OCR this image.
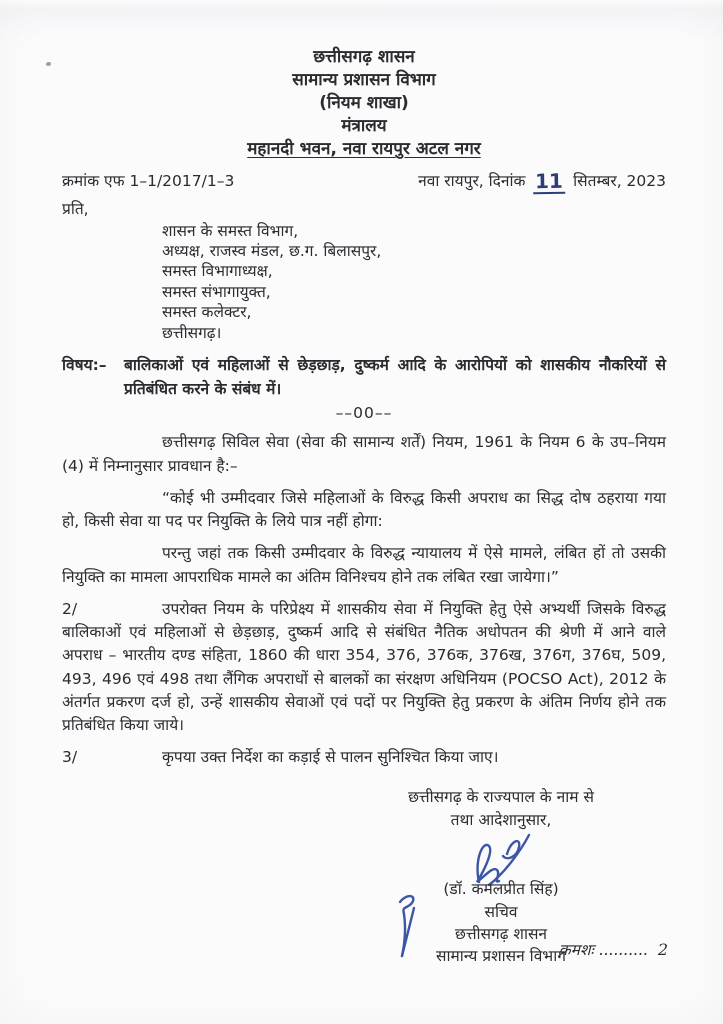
छत्तीसगढ़ शासन
सामान्य प्रशासन विभाग
(नियम शाखा)
मंत्रालय
महानदी भवन, नवा रायपुर अटल नगर
क्रमांक एफ 1–1/2017/1–3	नवा रायपुर, दिनांक 11 सितम्बर, 2023
प्रति,
शासन के समस्त विभाग,
अध्यक्ष, राजस्व मंडल, छ.ग. बिलासपुर,
समस्त विभागाध्यक्ष,
समस्त संभागायुक्त,
समस्त कलेक्टर,
छत्तीसगढ़।
विषय:–	बालिकाओं एवं महिलाओं से छेड़छाड़, दुष्कर्म आदि के आरोपियों को शासकीय नौकरियों से प्रतिबंधित करने के संबंध में।
––00––

छत्तीसगढ़ सिविल सेवा (सेवा की सामान्य शर्तें) नियम, 1961 के नियम 6 के उप–नियम (4) में निम्नानुसार प्रावधान है:–

“कोई भी उम्मीदवार जिसे महिलाओं के विरुद्ध किसी अपराध का सिद्ध दोष ठहराया गया हो, किसी सेवा या पद पर नियुक्ति के लिये पात्र नहीं होगा:

परन्तु जहां तक किसी उम्मीदवार के विरुद्ध न्यायालय में ऐसे मामले, लंबित हों तो उसकी नियुक्ति का मामला आपराधिक मामले का अंतिम विनिश्चय होने तक लंबित रखा जायेगा।”

2/	उपरोक्त नियम के परिप्रेक्ष्य में शासकीय सेवा में नियुक्ति हेतु ऐसे अभ्यर्थी जिसके विरुद्ध बालिकाओं एवं महिलाओं से छेड़छाड़, दुष्कर्म आदि से संबंधित नैतिक अधोपतन की श्रेणी में आने वाले अपराध – भारतीय दण्ड संहिता, 1860 की धारा 354, 376, 376क, 376ख, 376ग, 376घ, 509, 493, 496 एवं 498 तथा लैंगिक अपराधों से बालकों का संरक्षण अधिनियम (POCSO Act), 2012 के अंतर्गत प्रकरण दर्ज हो, उन्हें शासकीय सेवाओं एवं पदों पर नियुक्ति हेतु प्रकरण के अंतिम निर्णय होने तक प्रतिबंधित किया जाये।

3/	कृपया उक्त निर्देश का कड़ाई से पालन सुनिश्चित किया जाए।

छत्तीसगढ़ के राज्यपाल के नाम से
तथा आदेशानुसार,
(डॉ. कमलप्रीत सिंह)
सचिव
छत्तीसगढ़ शासन
सामान्य प्रशासन विभाग
क्रमशः .......... 2
